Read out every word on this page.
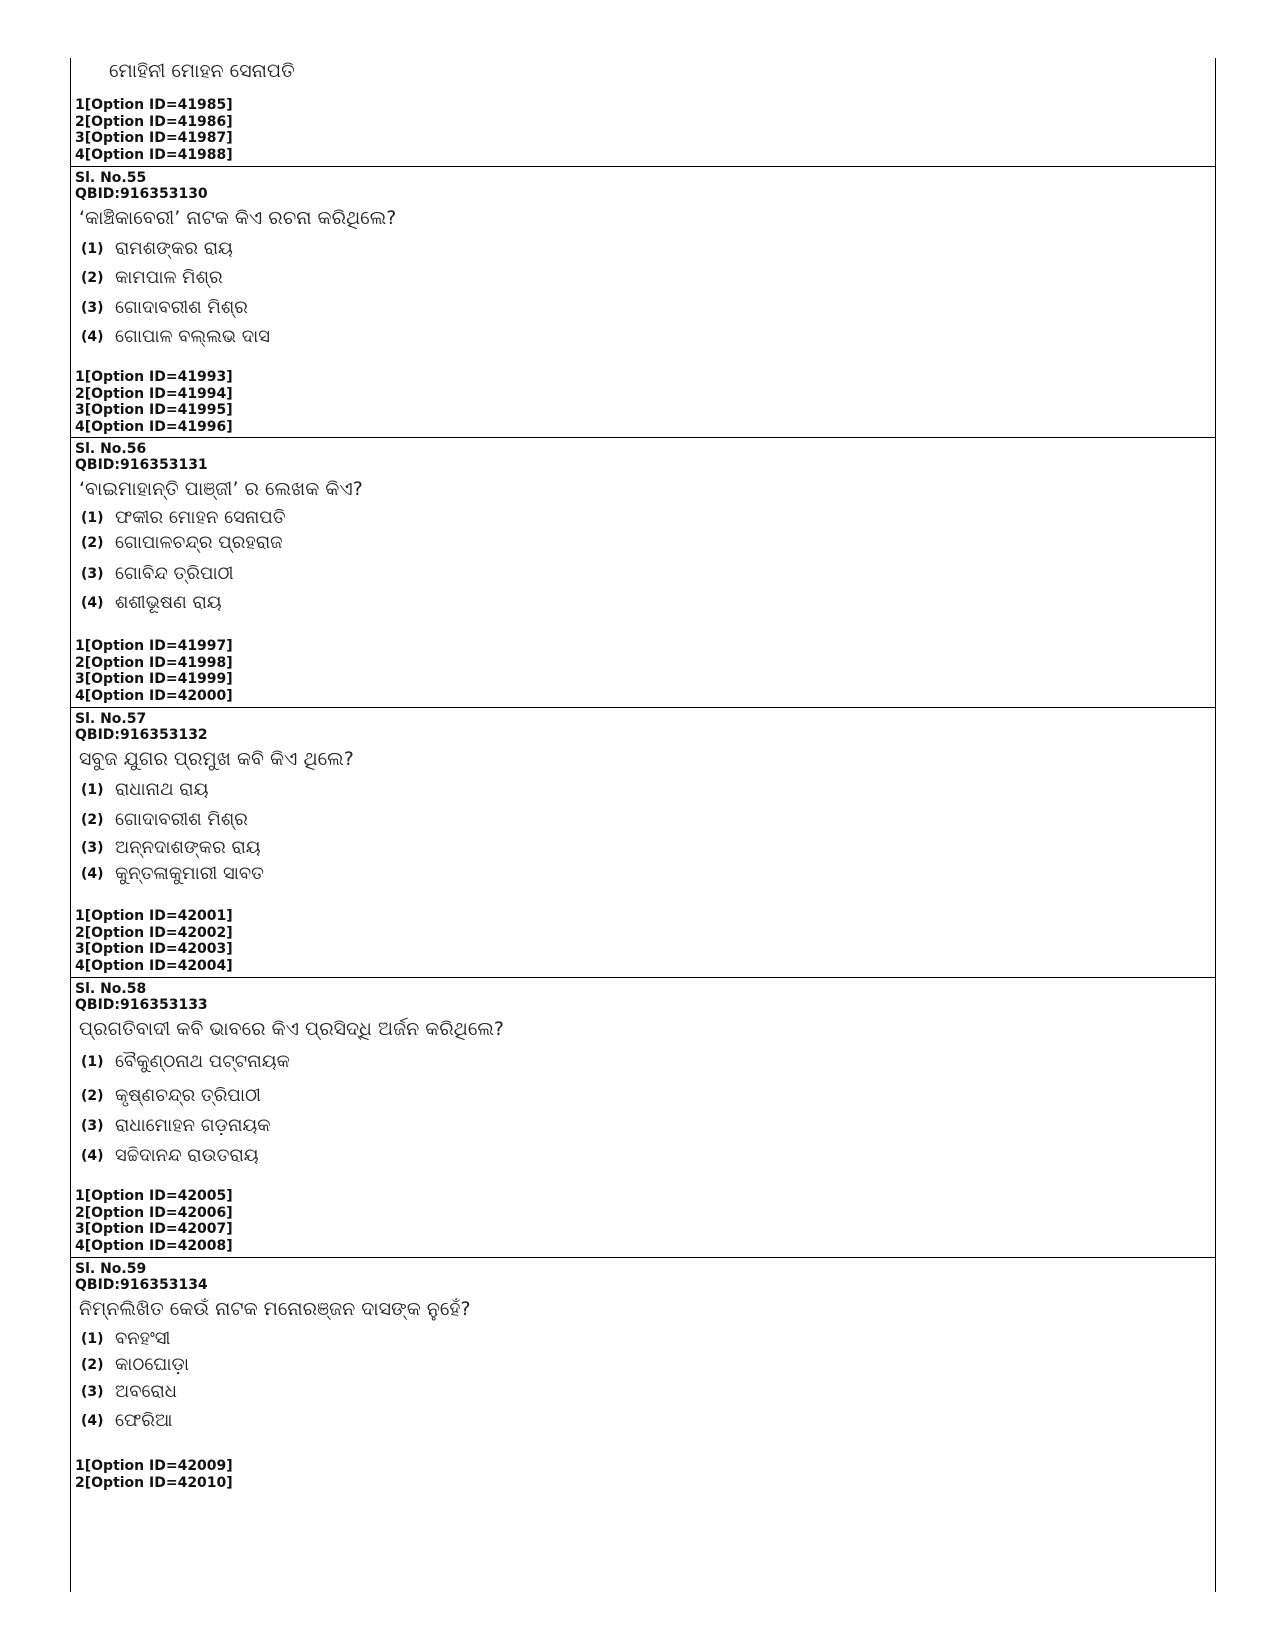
ମୋହିନୀ ମୋହନ ସେନାପତି
1[Option ID=41985]
2[Option ID=41986]
3[Option ID=41987]
4[Option ID=41988]
Sl. No.55
QBID:916353130
‘କାଞ୍ଚିକାବେରୀ’ ନାଟକ କିଏ ରଚନା କରିଥିଲେ?
(1) ରାମଶଙ୍କର ରାୟ
(2) କାମପାଳ ମିଶ୍ର
(3) ଗୋଦାବରୀଶ ମିଶ୍ର
(4) ଗୋପାଳ ବଲ୍ଲଭ ଦାସ
1[Option ID=41993]
2[Option ID=41994]
3[Option ID=41995]
4[Option ID=41996]
Sl. No.56
QBID:916353131
‘ବାଇମାହାନ୍ତି ପାଞ୍ଜୀ’ ର ଲେଖକ କିଏ?
(1) ଫକୀର ମୋହନ ସେନାପତି
(2) ଗୋପାଳଚନ୍ଦ୍ର ପ୍ରହରାଜ
(3) ଗୋବିନ୍ଦ ତ୍ରିପାଠୀ
(4) ଶଶୀଭୂଷଣ ରାୟ
1[Option ID=41997]
2[Option ID=41998]
3[Option ID=41999]
4[Option ID=42000]
Sl. No.57
QBID:916353132
ସବୁଜ ଯୁଗର ପ୍ରମୁଖ କବି କିଏ ଥିଲେ?
(1) ରାଧାନାଥ ରାୟ
(2) ଗୋଦାବରୀଶ ମିଶ୍ର
(3) ଅନ୍ନଦାଶଙ୍କର ରାୟ
(4) କୁନ୍ତଳାକୁମାରୀ ସାବତ
1[Option ID=42001]
2[Option ID=42002]
3[Option ID=42003]
4[Option ID=42004]
Sl. No.58
QBID:916353133
ପ୍ରଗତିବାଦୀ କବି ଭାବରେ କିଏ ପ୍ରସିଦ୍ଧି ଅର୍ଜନ କରିଥିଲେ?
(1) ବୈକୁଣ୍ଠନାଥ ପଟ୍ଟନାୟକ
(2) କୃଷ୍ଣଚନ୍ଦ୍ର ତ୍ରିପାଠୀ
(3) ରାଧାମୋହନ ଗଡ଼ନାୟକ
(4) ସଚ୍ଚିଦାନନ୍ଦ ରାଉତରାୟ
1[Option ID=42005]
2[Option ID=42006]
3[Option ID=42007]
4[Option ID=42008]
Sl. No.59
QBID:916353134
ନିମ୍ନଲିଖିତ କେଉଁ ନାଟକ ମନୋରଞ୍ଜନ ଦାସଙ୍କ ନୁହେଁ?
(1) ବନହଂସୀ
(2) କାଠଘୋଡ଼ା
(3) ଅବରୋଧ
(4) ଫେରିଆ
1[Option ID=42009]
2[Option ID=42010]
